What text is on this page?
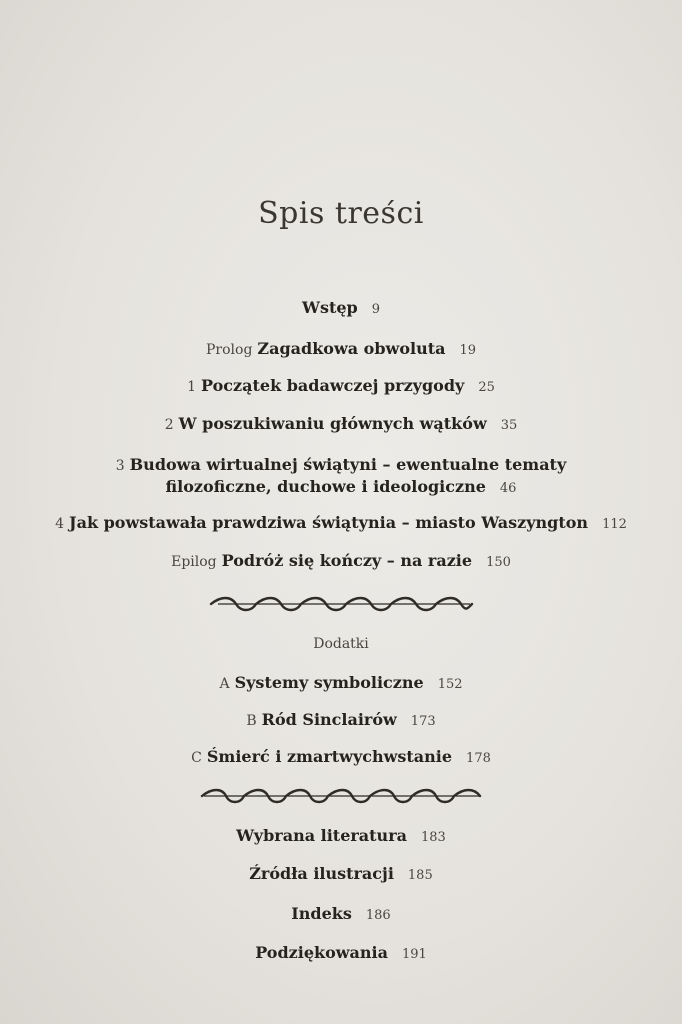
Spis treści
Wstęp 9
Prolog Zagadkowa obwoluta 19
1 Początek badawczej przygody 25
2 W poszukiwaniu głównych wątków 35
3 Budowa wirtualnej świątyni – ewentualne tematy
filozoficzne, duchowe i ideologiczne 46
4 Jak powstawała prawdziwa świątynia – miasto Waszyngton 112
Epilog Podróż się kończy – na razie 150
Dodatki
A Systemy symboliczne 152
B Ród Sinclairów 173
C Śmierć i zmartwychwstanie 178
Wybrana literatura 183
Źródła ilustracji 185
Indeks 186
Podziękowania 191
